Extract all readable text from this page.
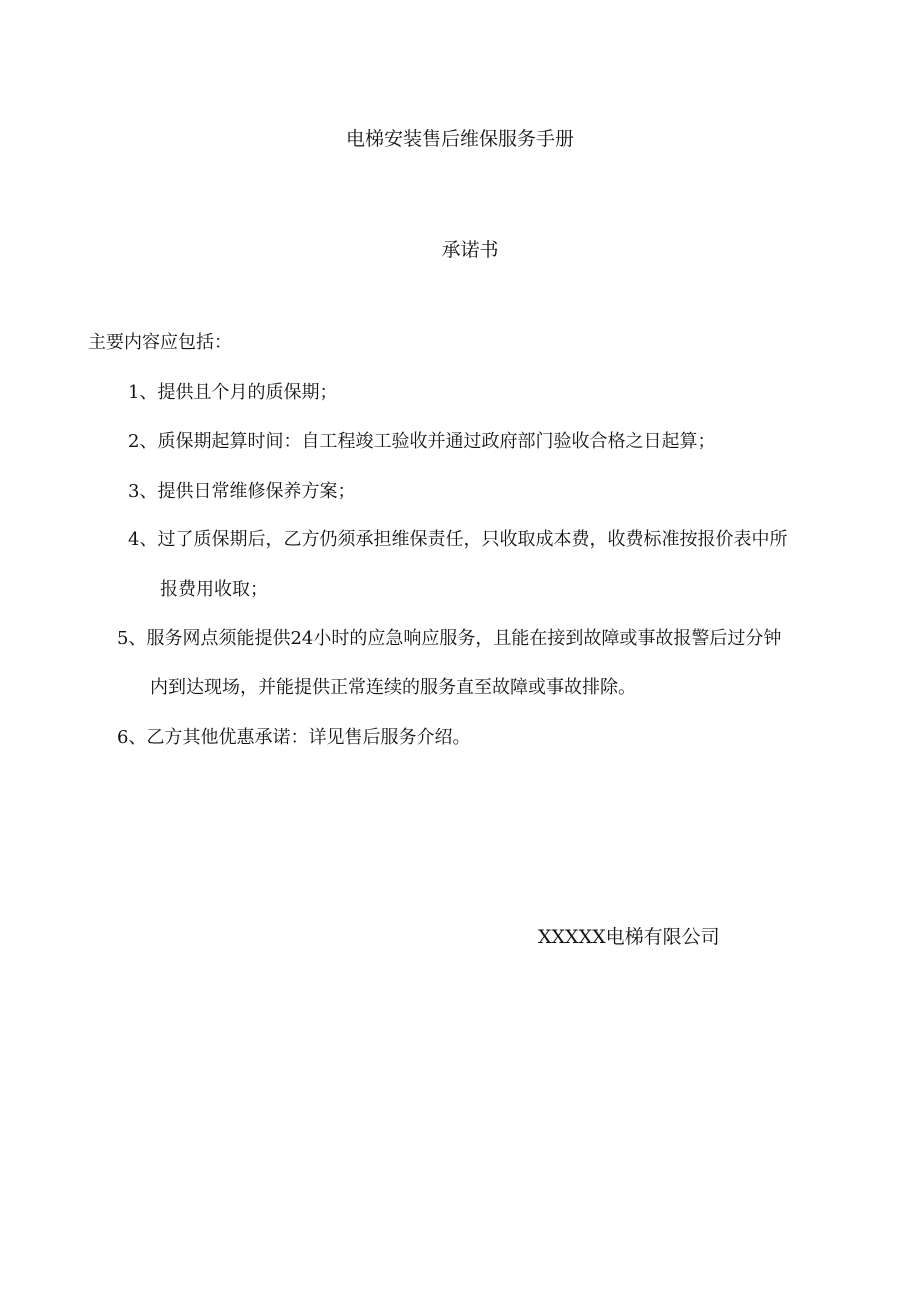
电梯安装售后维保服务手册
承诺书
主要内容应包括：
1、提供且个月的质保期；
2、质保期起算时间：自工程竣工验收并通过政府部门验收合格之日起算；
3、提供日常维修保养方案；
4、过了质保期后，乙方仍须承担维保责任，只收取成本费，收费标准按报价表中所
报费用收取；
5、服务网点须能提供24小时的应急响应服务，且能在接到故障或事故报警后过分钟
内到达现场，并能提供正常连续的服务直至故障或事故排除。
6、乙方其他优惠承诺：详见售后服务介绍。
XXXXX电梯有限公司
